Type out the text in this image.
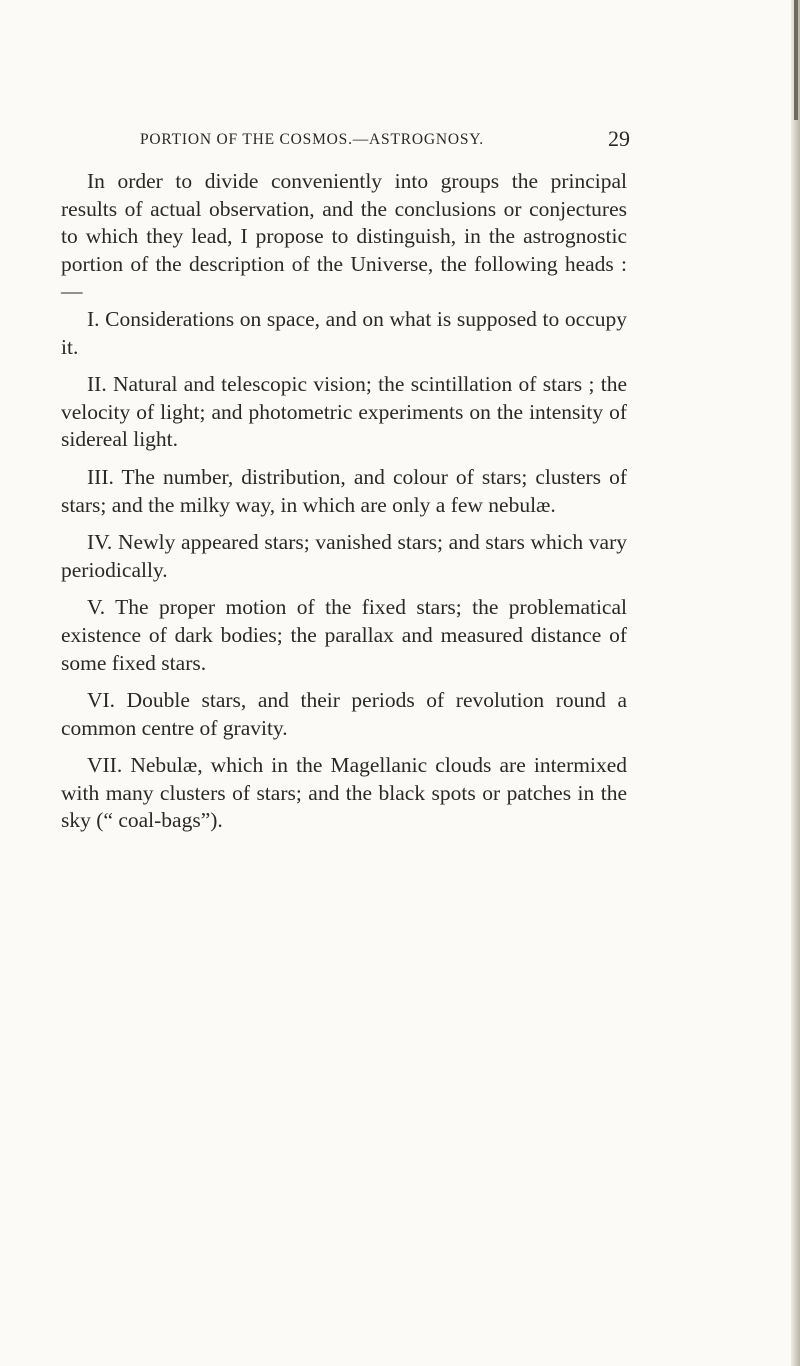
PORTION OF THE COSMOS.—ASTROGNOSY.	29

In order to divide conveniently into groups the principal results of actual observation, and the conclusions or conjectures to which they lead, I propose to distinguish, in the astrognostic portion of the description of the Universe, the following heads :—

I. Considerations on space, and on what is supposed to occupy it.

II. Natural and telescopic vision; the scintillation of stars ; the velocity of light; and photometric experiments on the intensity of sidereal light.

III. The number, distribution, and colour of stars; clusters of stars; and the milky way, in which are only a few nebulæ.

IV. Newly appeared stars; vanished stars; and stars which vary periodically.

V. The proper motion of the fixed stars; the problematical existence of dark bodies; the parallax and measured distance of some fixed stars.

VI. Double stars, and their periods of revolution round a common centre of gravity.

VII. Nebulæ, which in the Magellanic clouds are intermixed with many clusters of stars; and the black spots or patches in the sky (“ coal-bags”).
